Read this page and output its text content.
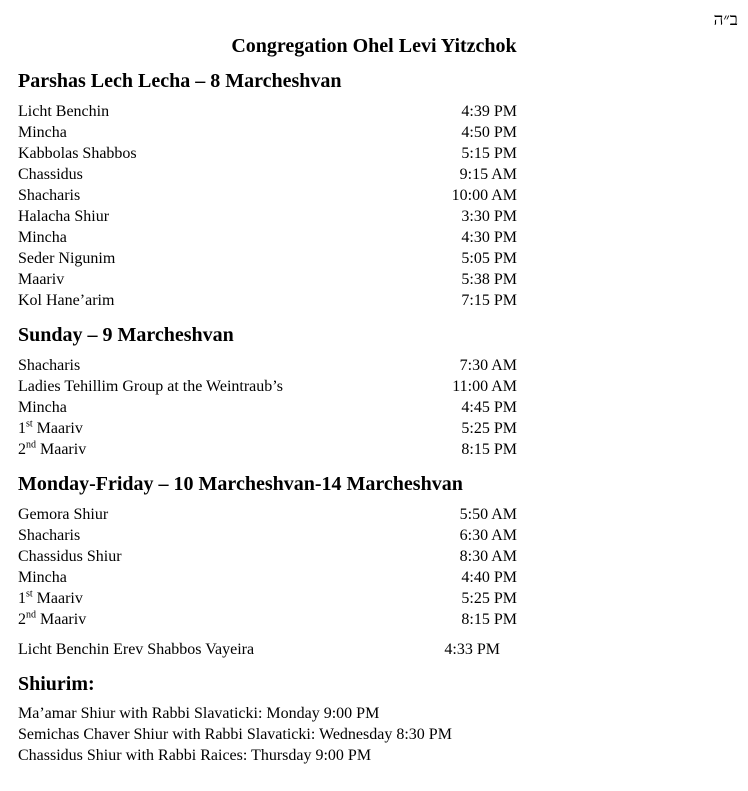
ב״ה
Congregation Ohel Levi Yitzchok
Parshas Lech Lecha – 8 Marcheshvan
Licht Benchin	4:39 PM
Mincha	4:50 PM
Kabbolas Shabbos	5:15 PM
Chassidus	9:15 AM
Shacharis	10:00 AM
Halacha Shiur	3:30 PM
Mincha	4:30 PM
Seder Nigunim	5:05 PM
Maariv	5:38 PM
Kol Hane’arim	7:15 PM
Sunday – 9 Marcheshvan
Shacharis	7:30 AM
Ladies Tehillim Group at the Weintraub’s	11:00 AM
Mincha	4:45 PM
1st Maariv	5:25 PM
2nd Maariv	8:15 PM
Monday-Friday – 10 Marcheshvan-14 Marcheshvan
Gemora Shiur	5:50 AM
Shacharis	6:30 AM
Chassidus Shiur	8:30 AM
Mincha	4:40 PM
1st Maariv	5:25 PM
2nd Maariv	8:15 PM
Licht Benchin Erev Shabbos Vayeira	4:33 PM
Shiurim:
Ma’amar Shiur with Rabbi Slavaticki: Monday 9:00 PM
Semichas Chaver Shiur with Rabbi Slavaticki: Wednesday 8:30 PM
Chassidus Shiur with Rabbi Raices: Thursday 9:00 PM
